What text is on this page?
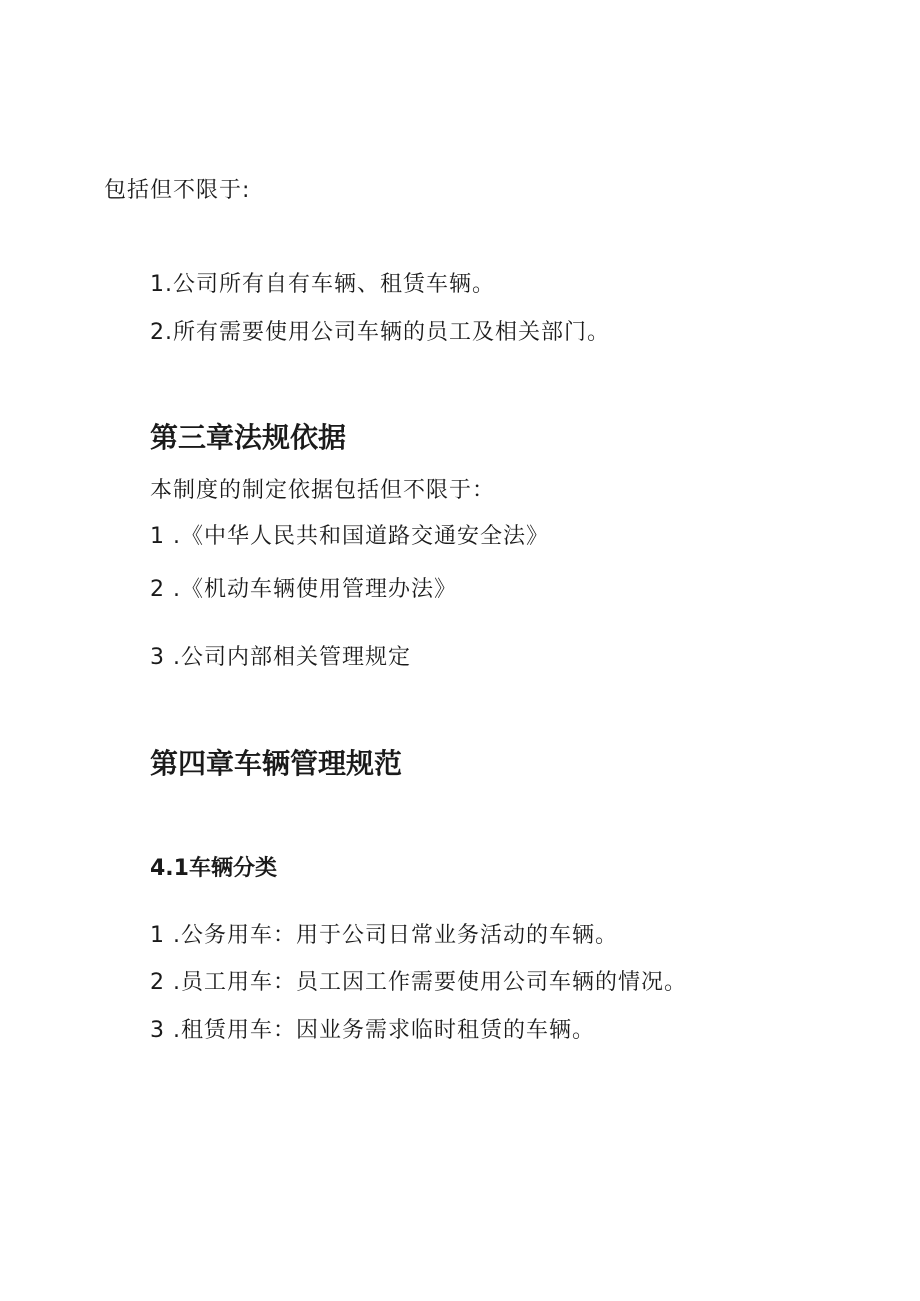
包括但不限于:
1.公司所有自有车辆、租赁车辆。
2.所有需要使用公司车辆的员工及相关部门。
第三章法规依据
本制度的制定依据包括但不限于：
1 .《中华人民共和国道路交通安全法》
2 .《机动车辆使用管理办法》
3 .公司内部相关管理规定
第四章车辆管理规范
4.1车辆分类
1 .公务用车：用于公司日常业务活动的车辆。
2 .员工用车：员工因工作需要使用公司车辆的情况。
3 .租赁用车：因业务需求临时租赁的车辆。
